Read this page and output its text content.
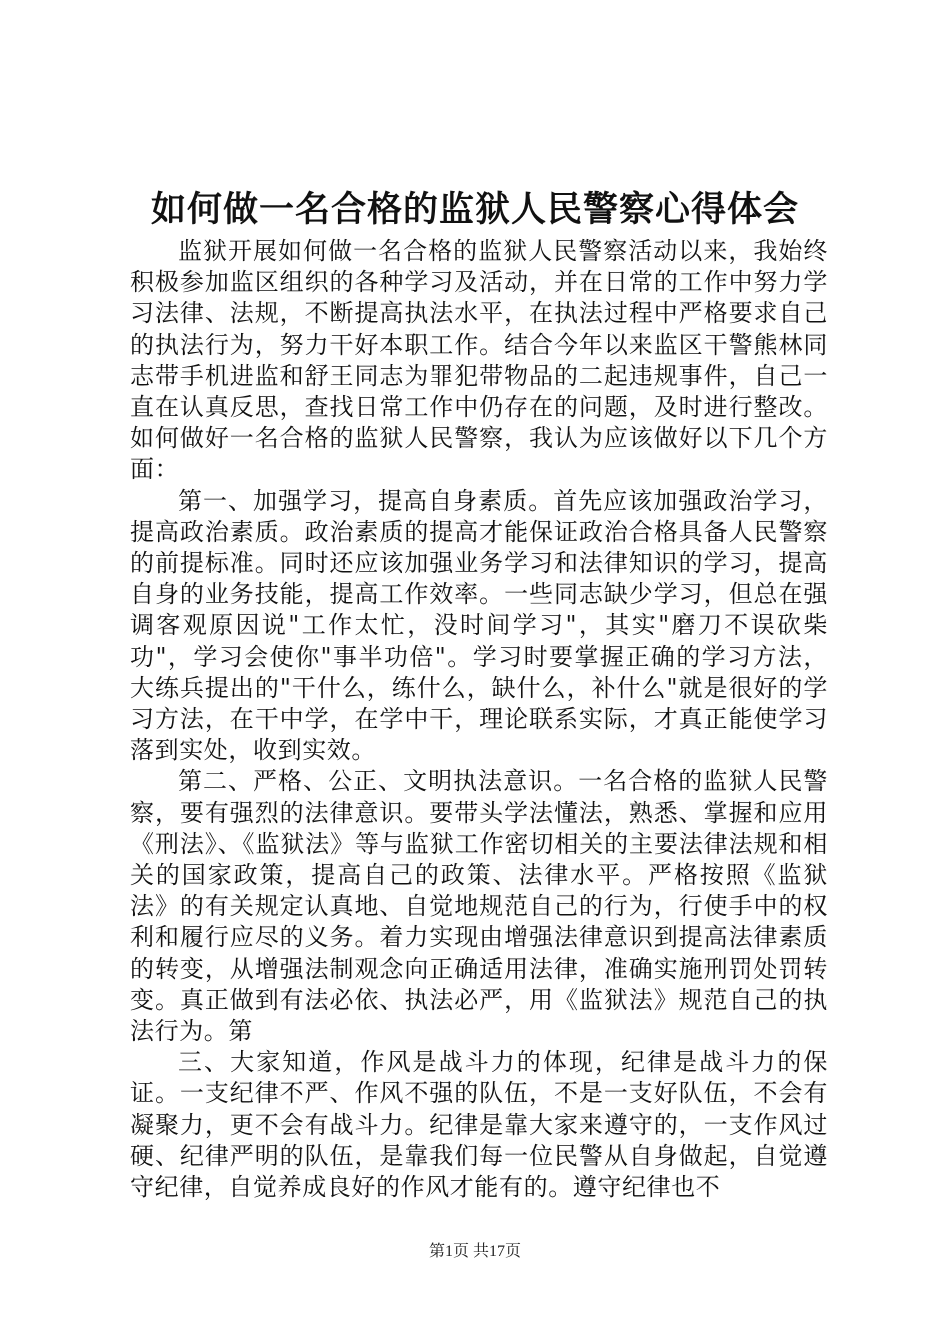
如何做一名合格的监狱人民警察心得体会

监狱开展如何做一名合格的监狱人民警察活动以来，我始终积极参加监区组织的各种学习及活动，并在日常的工作中努力学习法律、法规，不断提高执法水平，在执法过程中严格要求自己的执法行为，努力干好本职工作。结合今年以来监区干警熊林同志带手机进监和舒王同志为罪犯带物品的二起违规事件，自己一直在认真反思，查找日常工作中仍存在的问题，及时进行整改。如何做好一名合格的监狱人民警察，我认为应该做好以下几个方面：

第一、加强学习，提高自身素质。首先应该加强政治学习，提高政治素质。政治素质的提高才能保证政治合格具备人民警察的前提标准。同时还应该加强业务学习和法律知识的学习，提高自身的业务技能，提高工作效率。一些同志缺少学习，但总在强调客观原因说"工作太忙，没时间学习"，其实"磨刀不误砍柴功"，学习会使你"事半功倍"。学习时要掌握正确的学习方法，大练兵提出的"干什么，练什么，缺什么，补什么"就是很好的学习方法，在干中学，在学中干，理论联系实际，才真正能使学习落到实处，收到实效。

第二、严格、公正、文明执法意识。一名合格的监狱人民警察，要有强烈的法律意识。要带头学法懂法，熟悉、掌握和应用《刑法》、《监狱法》等与监狱工作密切相关的主要法律法规和相关的国家政策，提高自己的政策、法律水平。严格按照《监狱法》的有关规定认真地、自觉地规范自己的行为，行使手中的权利和履行应尽的义务。着力实现由增强法律意识到提高法律素质的转变，从增强法制观念向正确适用法律，准确实施刑罚处罚转变。真正做到有法必依、执法必严，用《监狱法》规范自己的执法行为。第

三、大家知道，作风是战斗力的体现，纪律是战斗力的保证。一支纪律不严、作风不强的队伍，不是一支好队伍，不会有凝聚力，更不会有战斗力。纪律是靠大家来遵守的，一支作风过硬、纪律严明的队伍，是靠我们每一位民警从自身做起，自觉遵守纪律，自觉养成良好的作风才能有的。遵守纪律也不

第1页 共17页
